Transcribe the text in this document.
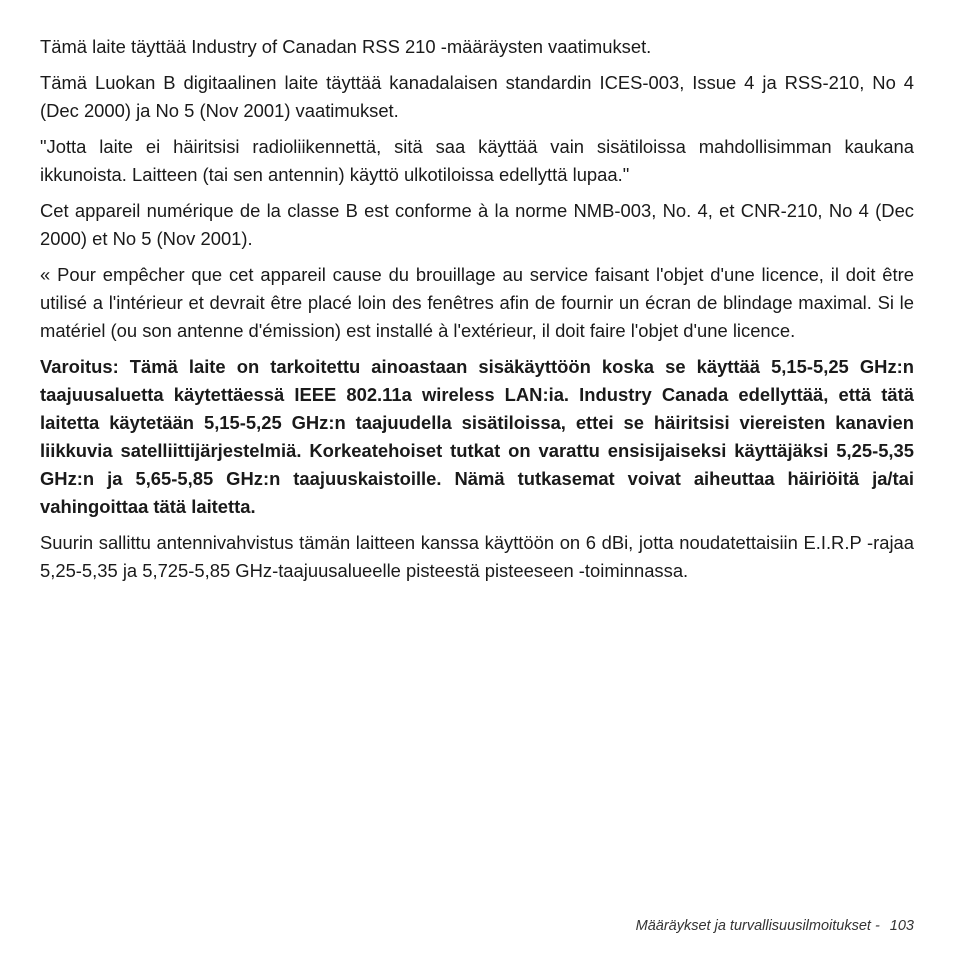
Tämä laite täyttää Industry of Canadan RSS 210 -määräysten vaatimukset.

Tämä Luokan B digitaalinen laite täyttää kanadalaisen standardin ICES-003, Issue 4 ja RSS-210, No 4 (Dec 2000) ja No 5 (Nov 2001) vaatimukset.

"Jotta laite ei häiritsisi radioliikennettä, sitä saa käyttää vain sisätiloissa mahdollisimman kaukana ikkunoista. Laitteen (tai sen antennin) käyttö ulkotiloissa edellyttä lupaa."

Cet appareil numérique de la classe B est conforme à la norme NMB-003, No. 4, et CNR-210, No 4 (Dec 2000) et No 5 (Nov 2001).

« Pour empêcher que cet appareil cause du brouillage au service faisant l'objet d'une licence, il doit être utilisé a l'intérieur et devrait être placé loin des fenêtres afin de fournir un écran de blindage maximal. Si le matériel (ou son antenne d'émission) est installé à l'extérieur, il doit faire l'objet d'une licence.

Varoitus: Tämä laite on tarkoitettu ainoastaan sisäkäyttöön koska se käyttää 5,15-5,25 GHz:n taajuusaluetta käytettäessä IEEE 802.11a wireless LAN:ia. Industry Canada edellyttää, että tätä laitetta käytetään 5,15-5,25 GHz:n taajuudella sisätiloissa, ettei se häiritsisi viereisten kanavien liikkuvia satelliittijärjestelmiä. Korkeatehoiset tutkat on varattu ensisijaiseksi käyttäjäksi 5,25-5,35 GHz:n ja 5,65-5,85 GHz:n taajuuskaistoille. Nämä tutkasemat voivat aiheuttaa häiriöitä ja/tai vahingoittaa tätä laitetta.

Suurin sallittu antennivahvistus tämän laitteen kanssa käyttöön on 6 dBi, jotta noudatettaisiin E.I.R.P -rajaa 5,25-5,35 ja 5,725-5,85 GHz-taajuusalueelle pisteestä pisteeseen -toiminnassa.

Määräykset ja turvallisuusilmoitukset - 103
